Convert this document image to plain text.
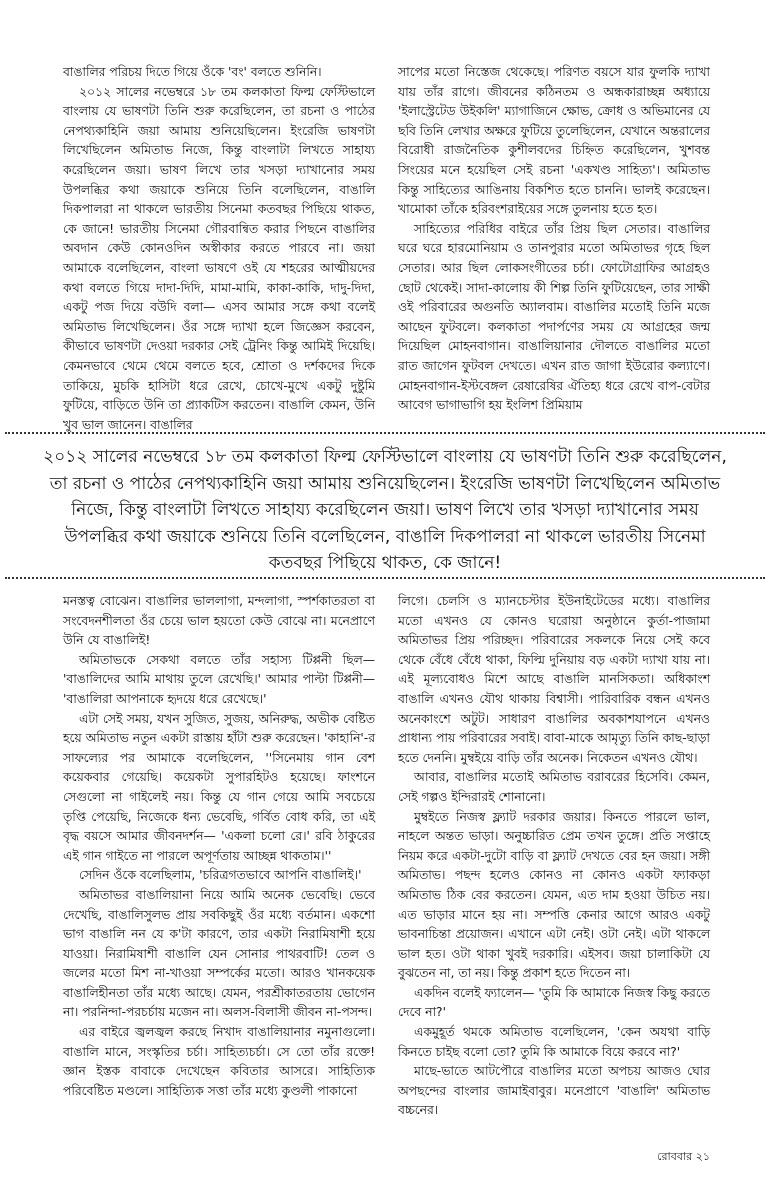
বাঙালির পরিচয় দিতে গিয়ে ওঁকে 'বং' বলতে শুনিনি।

২০১২ সালের নভেম্বরে ১৮ তম কলকাতা ফিল্ম ফেস্টিভালে বাংলায় যে ভাষণটা তিনি শুরু করেছিলেন, তা রচনা ও পাঠের নেপথ্যকাহিনি জয়া আমায় শুনিয়েছিলেন। ইংরেজি ভাষণটা লিখেছিলেন অমিতাভ নিজে, কিন্তু বাংলাটা লিখতে সাহায্য করেছিলেন জয়া। ভাষণ লিখে তার খসড়া দ্যাখানোর সময় উপলব্ধির কথা জয়াকে শুনিয়ে তিনি বলেছিলেন, বাঙালি দিকপালরা না থাকলে ভারতীয় সিনেমা কতবছর পিছিয়ে থাকত, কে জানে! ভারতীয় সিনেমা গৌরবান্বিত করার পিছনে বাঙালির অবদান কেউ কোনওদিন অস্বীকার করতে পারবে না। জয়া আমাকে বলেছিলেন, বাংলা ভাষণে ওই যে শহরের আত্মীয়দের কথা বলতে গিয়ে দাদা-দিদি, মামা-মামি, কাকা-কাকি, দাদু-দিদা, একটু পজ দিয়ে বউদি বলা— এসব আমার সঙ্গে কথা বলেই অমিতাভ লিখেছিলেন। ওঁর সঙ্গে দ্যাখা হলে জিজ্ঞেস করবেন, কীভাবে ভাষণটা দেওয়া দরকার সেই ট্রেনিং কিন্তু আমিই দিয়েছি। কেমনভাবে থেমে থেমে বলতে হবে, শ্রোতা ও দর্শকদের দিকে তাকিয়ে, মুচকি হাসিটা ধরে রেখে, চোখে-মুখে একটু দুষ্টুমি ফুটিয়ে, বাড়িতে উনি তা প্র্যাকটিস করতেন। বাঙালি কেমন, উনি খুব ভাল জানেন। বাঙালির

সাপের মতো নিস্তেজ থেকেছে। পরিণত বয়সে যার ফুলকি দ্যাখা যায় তাঁর রাগে। জীবনের কঠিনতম ও অন্ধকারাচ্ছন্ন অধ্যায়ে 'ইলাস্ট্রেটেড উইকলি' ম্যাগাজিনে ক্ষোভ, ক্রোধ ও অভিমানের যে ছবি তিনি লেখার অক্ষরে ফুটিয়ে তুলেছিলেন, যেখানে অন্তরালের বিরোধী রাজনৈতিক কুশীলবদের চিহ্নিত করেছিলেন, খুশবন্ত সিংয়ের মনে হয়েছিল সেই রচনা 'একখণ্ড সাহিত্য'। অমিতাভ কিন্তু সাহিত্যের আঙিনায় বিকশিত হতে চাননি। ভালই করেছেন। খামোকা তাঁকে হরিবংশরাইয়ের সঙ্গে তুলনায় হতে হত।

সাহিত্যের পরিধির বাইরে তাঁর প্রিয় ছিল সেতার। বাঙালির ঘরে ঘরে হারমোনিয়াম ও তানপুরার মতো অমিতাভর গৃহে ছিল সেতার। আর ছিল লোকসংগীতের চর্চা। ফোটোগ্রাফির আগ্রহও ছোট থেকেই। সাদা-কালোয় কী শিল্প তিনি ফুটিয়েছেন, তার সাক্ষী ওই পরিবারের অগুনতি অ্যালবাম। বাঙালির মতোই তিনি মজে আছেন ফুটবলে। কলকাতা পদার্পণের সময় যে আগ্রহের জন্ম দিয়েছিল মোহনবাগান। বাঙালিয়ানার দৌলতে বাঙালির মতো রাত জাগেন ফুটবল দেখতে। এখন রাত জাগা ইউরোর কল্যাণে। মোহনবাগান-ইস্টবেঙ্গল রেষারেষির ঐতিহ্য ধরে রেখে বাপ-বেটার আবেগ ভাগাভাগি হয় ইংলিশ প্রিমিয়াম

২০১২ সালের নভেম্বরে ১৮ তম কলকাতা ফিল্ম ফেস্টিভালে বাংলায় যে ভাষণটা তিনি শুরু করেছিলেন, তা রচনা ও পাঠের নেপথ্যকাহিনি জয়া আমায় শুনিয়েছিলেন। ইংরেজি ভাষণটা লিখেছিলেন অমিতাভ নিজে, কিন্তু বাংলাটা লিখতে সাহায্য করেছিলেন জয়া। ভাষণ লিখে তার খসড়া দ্যাখানোর সময় উপলব্ধির কথা জয়াকে শুনিয়ে তিনি বলেছিলেন, বাঙালি দিকপালরা না থাকলে ভারতীয় সিনেমা কতবছর পিছিয়ে থাকত, কে জানে!

মনস্তত্ব বোঝেন। বাঙালির ভাললাগা, মন্দলাগা, স্পর্শকাতরতা বা সংবেদনশীলতা ওঁর চেয়ে ভাল হয়তো কেউ বোঝে না। মনেপ্রাণে উনি যে বাঙালিই!

অমিতাভকে সেকথা বলতে তাঁর সহাস্য টিপ্পনী ছিল— 'বাঙালিদের আমি মাথায় তুলে রেখেছি।' আমার পাল্টা টিপ্পনী— 'বাঙালিরা আপনাকে হৃদয়ে ধরে রেখেছে।'

এটা সেই সময়, যখন সুজিত, সুজয়, অনিরুদ্ধ, অভীক বেষ্টিত হয়ে অমিতাভ নতুন একটা রাস্তায় হাঁটা শুরু করেছেন। 'কাহানি'-র সাফল্যের পর আমাকে বলেছিলেন, ''সিনেমায় গান বেশ কয়েকবার গেয়েছি। কয়েকটা সুপারহিটও হয়েছে। ফাংশনে সেগুলো না গাইলেই নয়। কিন্তু যে গান গেয়ে আমি সবচেয়ে তৃপ্তি পেয়েছি, নিজেকে ধন্য ভেবেছি, গর্বিত বোধ করি, তা এই বৃদ্ধ বয়সে আমার জীবনদর্শন— 'একলা চলো রে।' রবি ঠাকুরের এই গান গাইতে না পারলে অপূর্ণতায় আচ্ছন্ন থাকতাম।''

সেদিন ওঁকে বলেছিলাম, 'চরিত্রগতভাবে আপনি বাঙালিই।'

অমিতাভর বাঙালিয়ানা নিয়ে আমি অনেক ভেবেছি। ভেবে দেখেছি, বাঙালিসুলভ প্রায় সবকিছুই ওঁর মধ্যে বর্তমান। একশো ভাগ বাঙালি নন যে ক'টা কারণে, তার একটা নিরামিষাশী হয়ে যাওয়া। নিরামিষাশী বাঙালি যেন সোনার পাথরবাটি! তেল ও জলের মতো মিশ না-খাওয়া সম্পর্কের মতো। আরও খানকয়েক বাঙালিহীনতা তাঁর মধ্যে আছে। যেমন, পরশ্রীকাতরতায় ভোগেন না। পরনিন্দা-পরচর্চায় মজেন না। অলস-বিলাসী জীবন না-পসন্দ।

এর বাইরে জ্বলজ্বল করছে নিখাদ বাঙালিয়ানার নমুনাগুলো। বাঙালি মানে, সংস্কৃতির চর্চা। সাহিত্যচর্চা। সে তো তাঁর রক্তে! জ্ঞান ইস্তক বাবাকে দেখেছেন কবিতার আসরে। সাহিত্যিক পরিবেষ্টিত মণ্ডলে। সাহিত্যিক সত্তা তাঁর মধ্যে কুণ্ডলী পাকানো

লিগে। চেলসি ও ম্যানচেস্টার ইউনাইটেডের মধ্যে। বাঙালির মতো এখনও যে কোনও ঘরোয়া অনুষ্ঠানে কুর্তা-পাজামা অমিতাভর প্রিয় পরিচ্ছদ। পরিবারের সকলকে নিয়ে সেই কবে থেকে বেঁধে বেঁধে থাকা, ফিল্মি দুনিয়ায় বড় একটা দ্যাখা যায় না। এই মূল্যবোধও মিশে আছে বাঙালি মানসিকতা। অধিকাংশ বাঙালি এখনও যৌথ থাকায় বিশ্বাসী। পারিবারিক বন্ধন এখনও অনেকাংশে অটুট। সাধারণ বাঙালির অবকাশযাপনে এখনও প্রাধান্য পায় পরিবারের সবাই। বাবা-মাকে আমৃত্যু তিনি কাছ-ছাড়া হতে দেননি। মুম্বইয়ে বাড়ি তাঁর অনেক। নিকেতন এখনও যৌথ।

আবার, বাঙালির মতোই অমিতাভ বরাবরের হিসেবি। কেমন, সেই গল্পও ইন্দিরারই শোনানো।

মুম্বইতে নিজস্ব ফ্ল্যাট দরকার জয়ার। কিনতে পারলে ভাল, নাহলে অন্তত ভাড়া। অনুচ্চারিত প্রেম তখন তুঙ্গে। প্রতি সপ্তাহে নিয়ম করে একটা-দুটো বাড়ি বা ফ্ল্যাট দেখতে বের হন জয়া। সঙ্গী অমিতাভ। পছন্দ হলেও কোনও না কোনও একটা ফ্যাকড়া অমিতাভ ঠিক বের করতেন। যেমন, এত দাম হওয়া উচিত নয়। এত ভাড়ার মানে হয় না। সম্পত্তি কেনার আগে আরও একটু ভাবনাচিন্তা প্রয়োজন। এখানে এটা নেই। ওটা নেই। এটা থাকলে ভাল হত। ওটা থাকা খুবই দরকারি। এইসব। জয়া চালাকিটা যে বুঝতেন না, তা নয়। কিন্তু প্রকাশ হতে দিতেন না।

একদিন বলেই ফ্যালেন— 'তুমি কি আমাকে নিজস্ব কিছু করতে দেবে না?'

একমুহূর্ত থমকে অমিতাভ বলেছিলেন, 'কেন অযথা বাড়ি কিনতে চাইছ বলো তো? তুমি কি আমাকে বিয়ে করবে না?'

মাছে-ভাতে আটপৌরে বাঙালির মতো অপচয় আজও ঘোর অপছন্দের বাংলার জামাইবাবুর। মনেপ্রাণে 'বাঙালি' অমিতাভ বচ্চনের।

রোববার ২১
